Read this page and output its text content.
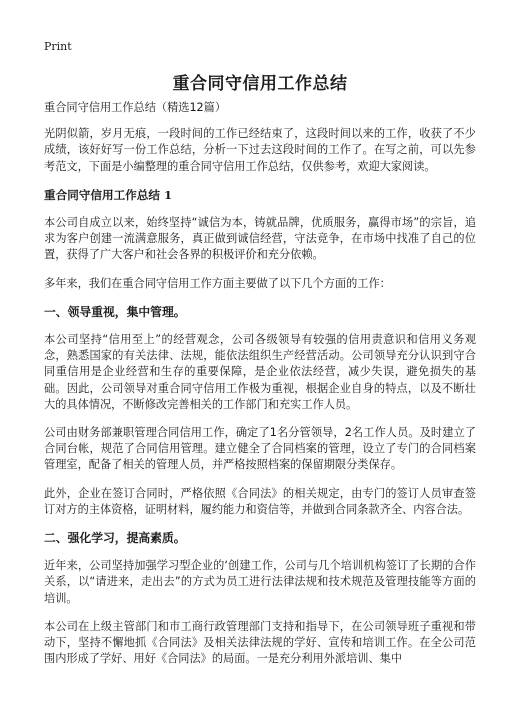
Print
重合同守信用工作总结

重合同守信用工作总结（精选12篇）

光阴似箭，岁月无痕，一段时间的工作已经结束了，这段时间以来的工作，收获了不少成绩，该好好写一份工作总结，分析一下过去这段时间的工作了。在写之前，可以先参考范文，下面是小编整理的重合同守信用工作总结，仅供参考，欢迎大家阅读。

重合同守信用工作总结 1

本公司自成立以来，始终坚持“诚信为本，铸就品牌，优质服务，赢得市场”的宗旨，追求为客户创建一流满意服务，真正做到诚信经营，守法竞争，在市场中找准了自己的位置，获得了广大客户和社会各界的积极评价和充分依赖。

多年来，我们在重合同守信用工作方面主要做了以下几个方面的工作：

一、领导重视，集中管理。

本公司坚持“信用至上”的经营观念，公司各级领导有较强的信用责意识和信用义务观念，熟悉国家的有关法律、法规，能依法组织生产经营活动。公司领导充分认识到守合同重信用是企业经营和生存的重要保障，是企业依法经营，减少失误，避免损失的基础。因此，公司领导对重合同守信用工作极为重视，根据企业自身的特点，以及不断壮大的具体情况，不断修改完善相关的工作部门和充实工作人员。

公司由财务部兼职管理合同信用工作，确定了1名分管领导，2名工作人员。及时建立了合同台帐，规范了合同信用管理。建立健全了合同档案的管理，设立了专门的合同档案管理室，配备了相关的管理人员，并严格按照档案的保留期限分类保存。

此外，企业在签订合同时，严格依照《合同法》的相关规定，由专门的签订人员审查签订对方的主体资格，证明材料，履约能力和资信等，并做到合同条款齐全、内容合法。

二、强化学习，提高素质。

近年来，公司坚持加强学习型企业的‘创建工作，公司与几个培训机构签订了长期的合作关系，以“请进来，走出去”的方式为员工进行法律法规和技术规范及管理技能等方面的培训。

本公司在上级主管部门和市工商行政管理部门支持和指导下，在公司领导班子重视和带动下，坚持不懈地抓《合同法》及相关法律法规的学好、宣传和培训工作。在全公司范围内形成了学好、用好《合同法》的局面。一是充分利用外派培训、集中
